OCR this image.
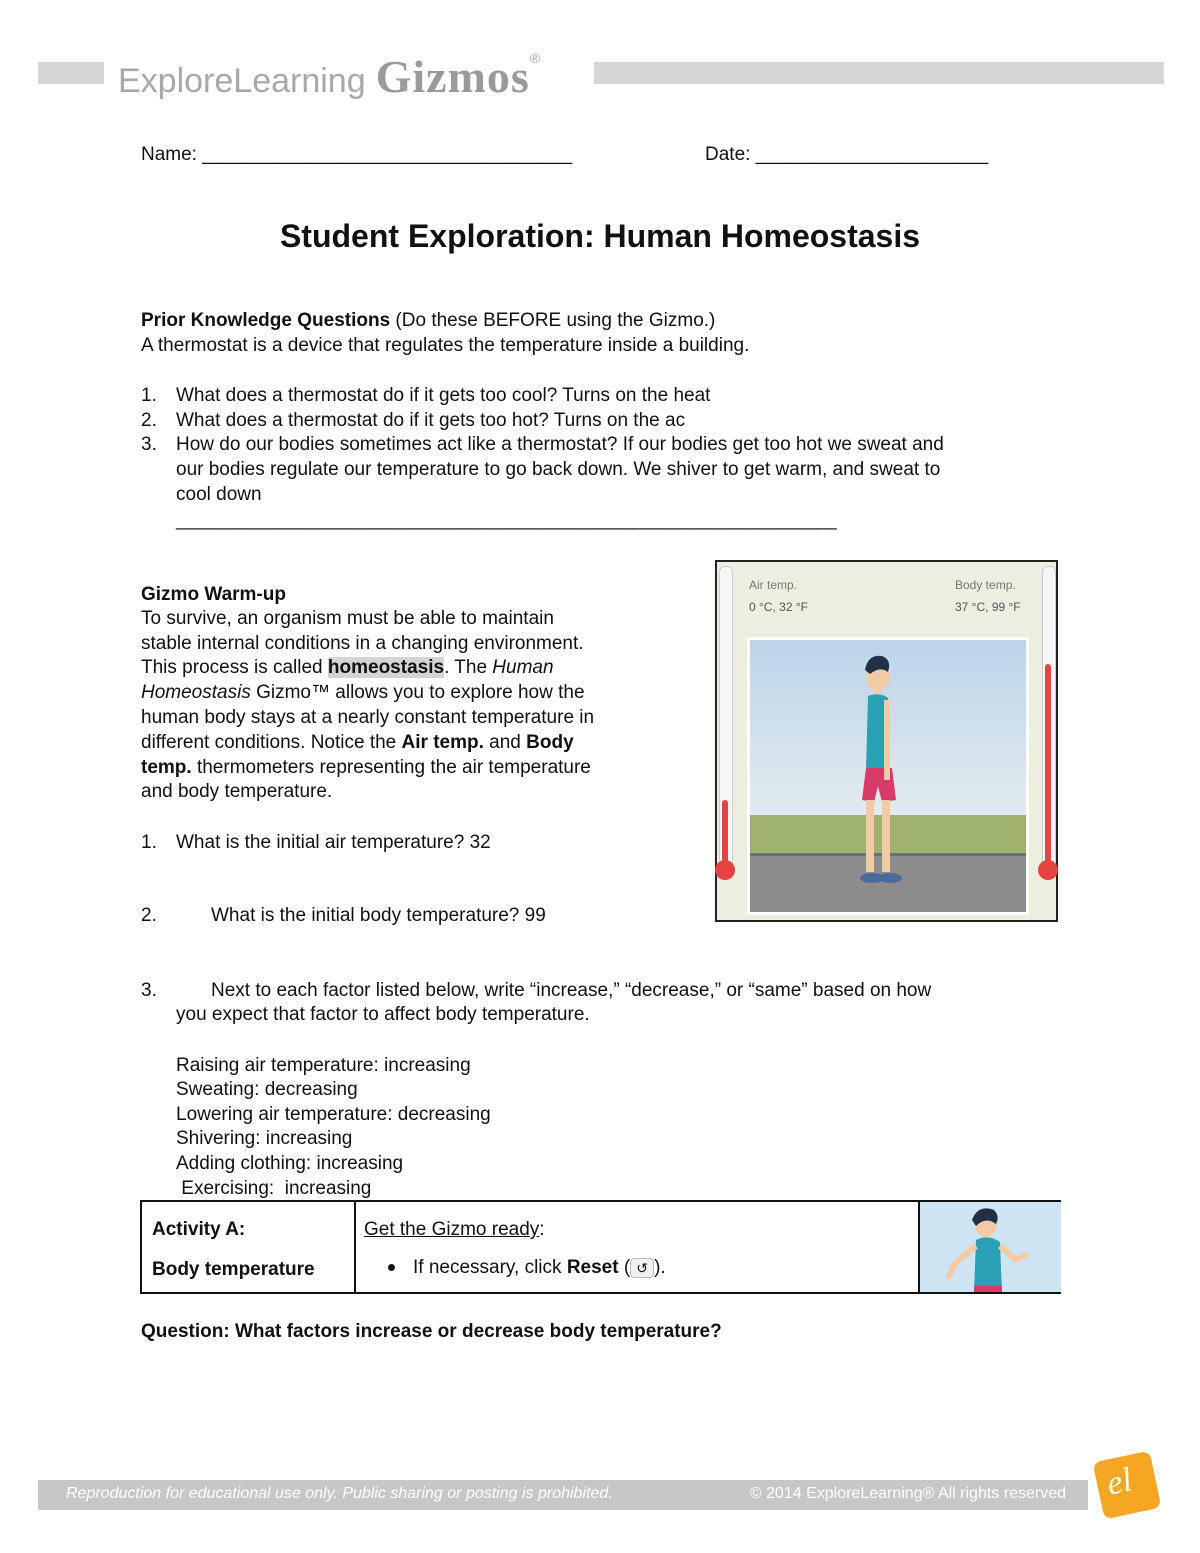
ExploreLearning Gizmos®
Name: ___________________________________	Date: ______________________
Student Exploration: Human Homeostasis
Prior Knowledge Questions (Do these BEFORE using the Gizmo.)
A thermostat is a device that regulates the temperature inside a building.
1. What does a thermostat do if it gets too cool? Turns on the heat
2. What does a thermostat do if it gets too hot? Turns on the ac
3. How do our bodies sometimes act like a thermostat? If our bodies get too hot we sweat and
our bodies regulate our temperature to go back down. We shiver to get warm, and sweat to
cool down
____________________________________________________________________
Gizmo Warm-up
To survive, an organism must be able to maintain
stable internal conditions in a changing environment.
This process is called homeostasis. The Human
Homeostasis Gizmo™ allows you to explore how the
human body stays at a nearly constant temperature in
different conditions. Notice the Air temp. and Body
temp. thermometers representing the air temperature
and body temperature.
1. What is the initial air temperature? 32
2.	What is the initial body temperature? 99
3.	Next to each factor listed below, write “increase,” “decrease,” or “same” based on how
you expect that factor to affect body temperature.
Raising air temperature: increasing
Sweating: decreasing
Lowering air temperature: decreasing
Shivering: increasing
Adding clothing: increasing
Exercising:  increasing
Air temp.
0 °C, 32 °F
Body temp.
37 °C, 99 °F
Activity A:
Body temperature
Get the Gizmo ready:
If necessary, click Reset ( ↺ ).
Question: What factors increase or decrease body temperature?
Reproduction for educational use only. Public sharing or posting is prohibited.	© 2014 ExploreLearning® All rights reserved el
